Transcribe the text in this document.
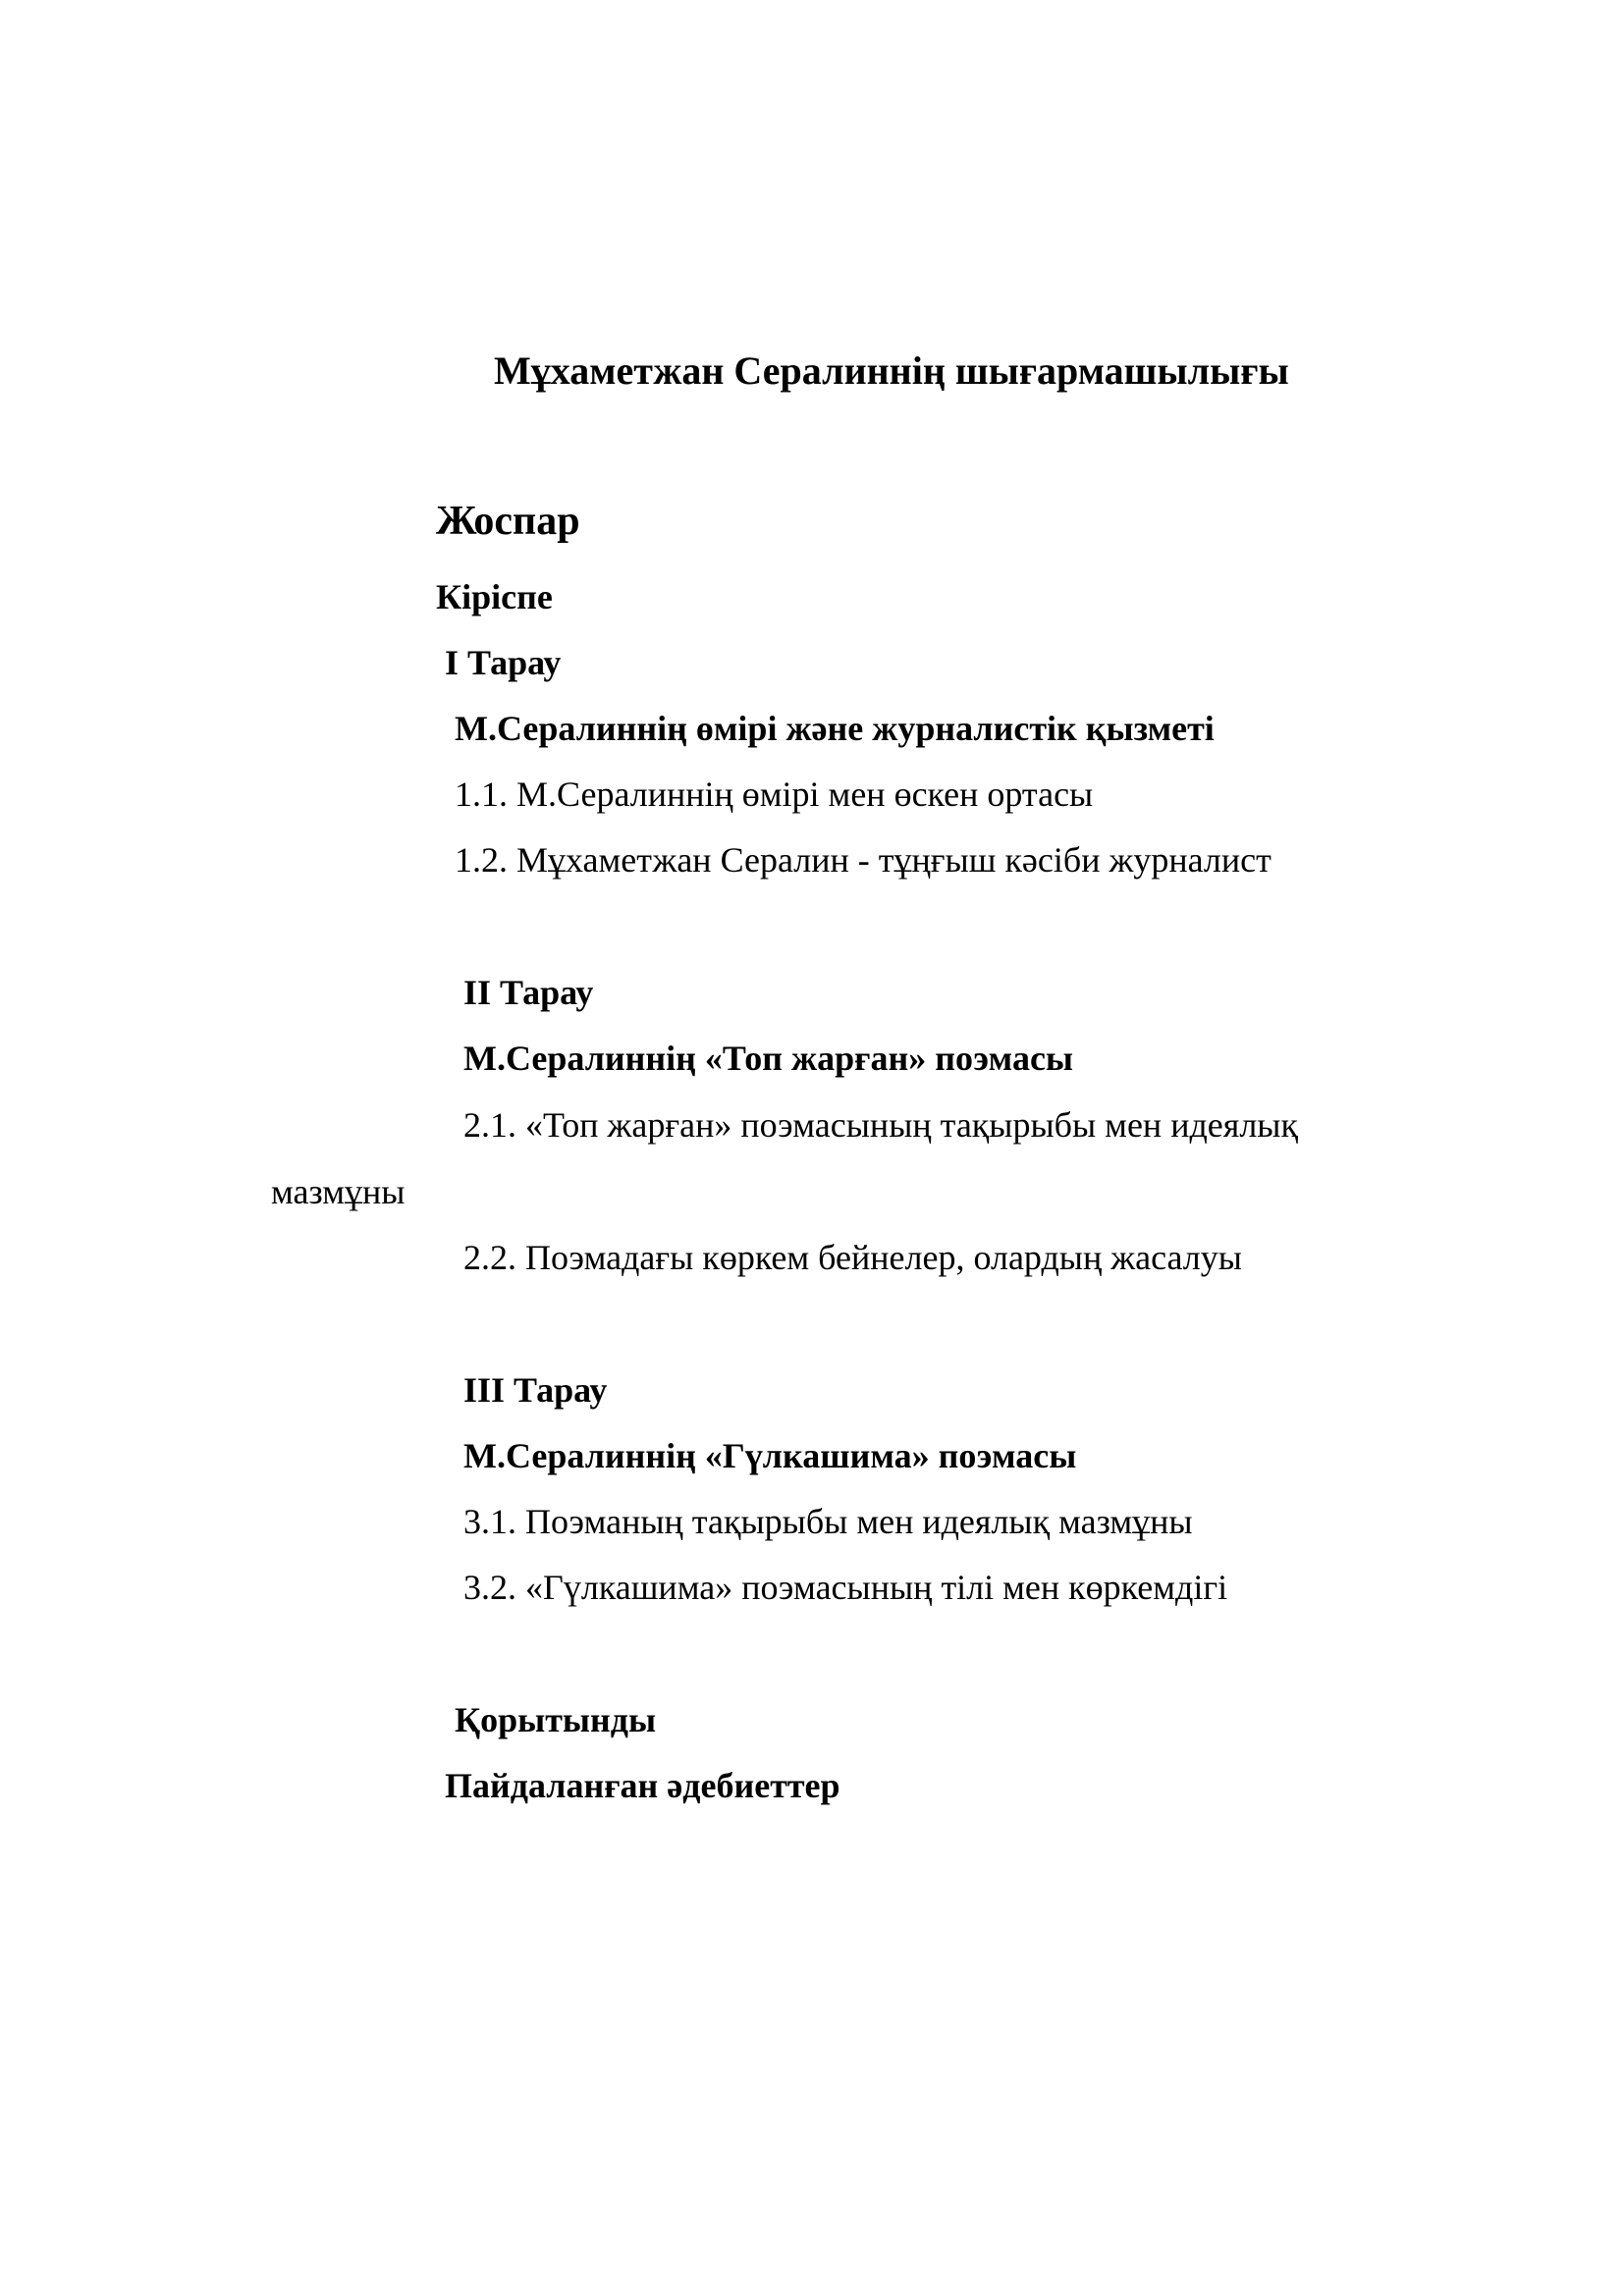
Мұхаметжан Сералиннің шығармашылығы
Жоспар
Кіріспе
I Тарау
М.Сералиннің өмірі және журналистік қызметі
1.1. М.Сералиннің өмірі мен өскен ортасы
1.2. Мұхаметжан Сералин - тұңғыш кәсіби журналист
II Тарау
М.Сералиннің «Топ жарған» поэмасы
2.1. «Топ жарған» поэмасының тақырыбы мен идеялық
мазмұны
2.2. Поэмадағы көркем бейнелер, олардың жасалуы
III Тарау
М.Сералиннің «Гүлкашима» поэмасы
3.1. Поэманың тақырыбы мен идеялық мазмұны
3.2. «Гүлкашима» поэмасының тілі мен көркемдігі
Қорытынды
Пайдаланған әдебиеттер
